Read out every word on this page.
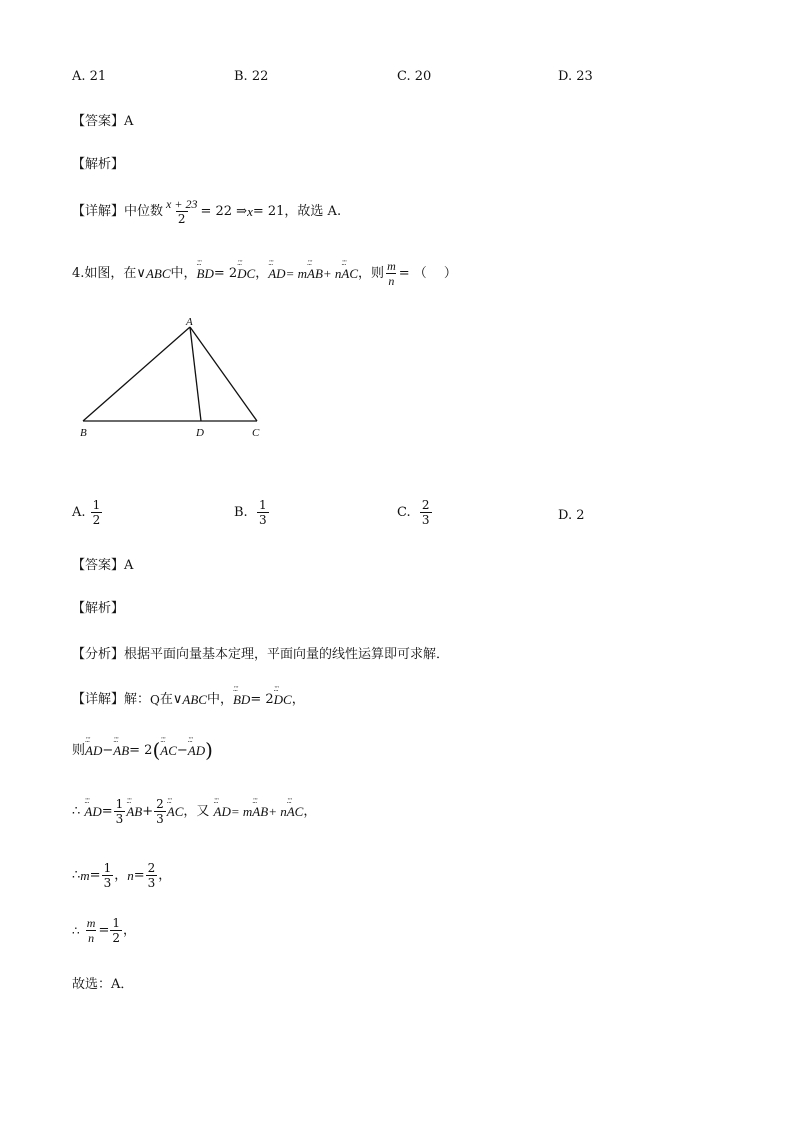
A. 21	B. 22	C. 20	D. 23
【答案】A
【解析】
【详解】 中位数 $\frac{x + 23}{2} = 22$ ⇒ x = 21 ，故选 A.
4. 如图，在 ∨ ABC 中， ːːː BD = 2 ːːː DC ， ːːː AD = m ːːː AB + n ːːː AC ，则 $\frac{m}{n}$ = （　 ）
A
B	D	C
A.
$\frac{1}{2}$	B.
$\frac{1}{3}$	C.
$\frac{2}{3}$	D. 2
【答案】A
【解析】
【分析】根据平面向量基本定理，平面向量的线性运算即可求解．
【详解】 解： Q 在 ∨ ABC 中， ːːː BD = 2 ːːː DC ，
则 ːːː AD − ːːː AB = 2 ( ːːː AC − ːːː AD )
∴
ːːː AD = $\frac{1}{3}$ ːːː AB + $\frac{2}{3}$ ːːː AC ，又
ːːː AD = m ːːː AB + n ːːː AC ，
∴ $m = \frac{1}{3}$ ， $n = \frac{2}{3}$ ，
∴
$\frac{m}{n} = \frac{1}{2}$ ，
故选：A．
